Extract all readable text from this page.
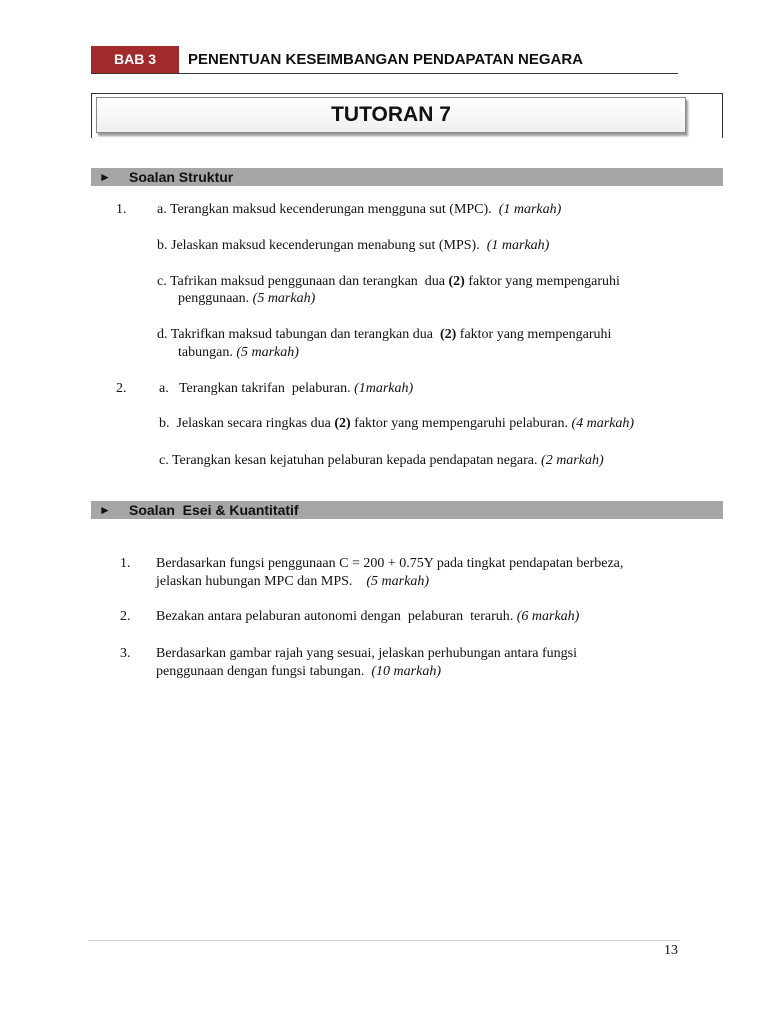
BAB 3	PENENTUAN KESEIMBANGAN PENDAPATAN NEGARA
TUTORAN 7
► Soalan Struktur
1. a. Terangkan maksud kecenderungan mengguna sut (MPC).  (1 markah)
b. Jelaskan maksud kecenderungan menabung sut (MPS).  (1 markah)
c. Tafrikan maksud penggunaan dan terangkan  dua (2) faktor yang mempengaruhi
penggunaan. (5 markah)
d. Takrifkan maksud tabungan dan terangkan dua  (2) faktor yang mempengaruhi
tabungan. (5 markah)
2. a.   Terangkan takrifan  pelaburan. (1markah)
b.  Jelaskan secara ringkas dua (2) faktor yang mempengaruhi pelaburan. (4 markah)
c. Terangkan kesan kejatuhan pelaburan kepada pendapatan negara. (2 markah)
► Soalan  Esei & Kuantitatif
1. Berdasarkan fungsi penggunaan C = 200 + 0.75Y pada tingkat pendapatan berbeza,
jelaskan hubungan MPC dan MPS.    (5 markah)
2. Bezakan antara pelaburan autonomi dengan  pelaburan  teraruh. (6 markah)
3. Berdasarkan gambar rajah yang sesuai, jelaskan perhubungan antara fungsi
penggunaan dengan fungsi tabungan.  (10 markah)
13
